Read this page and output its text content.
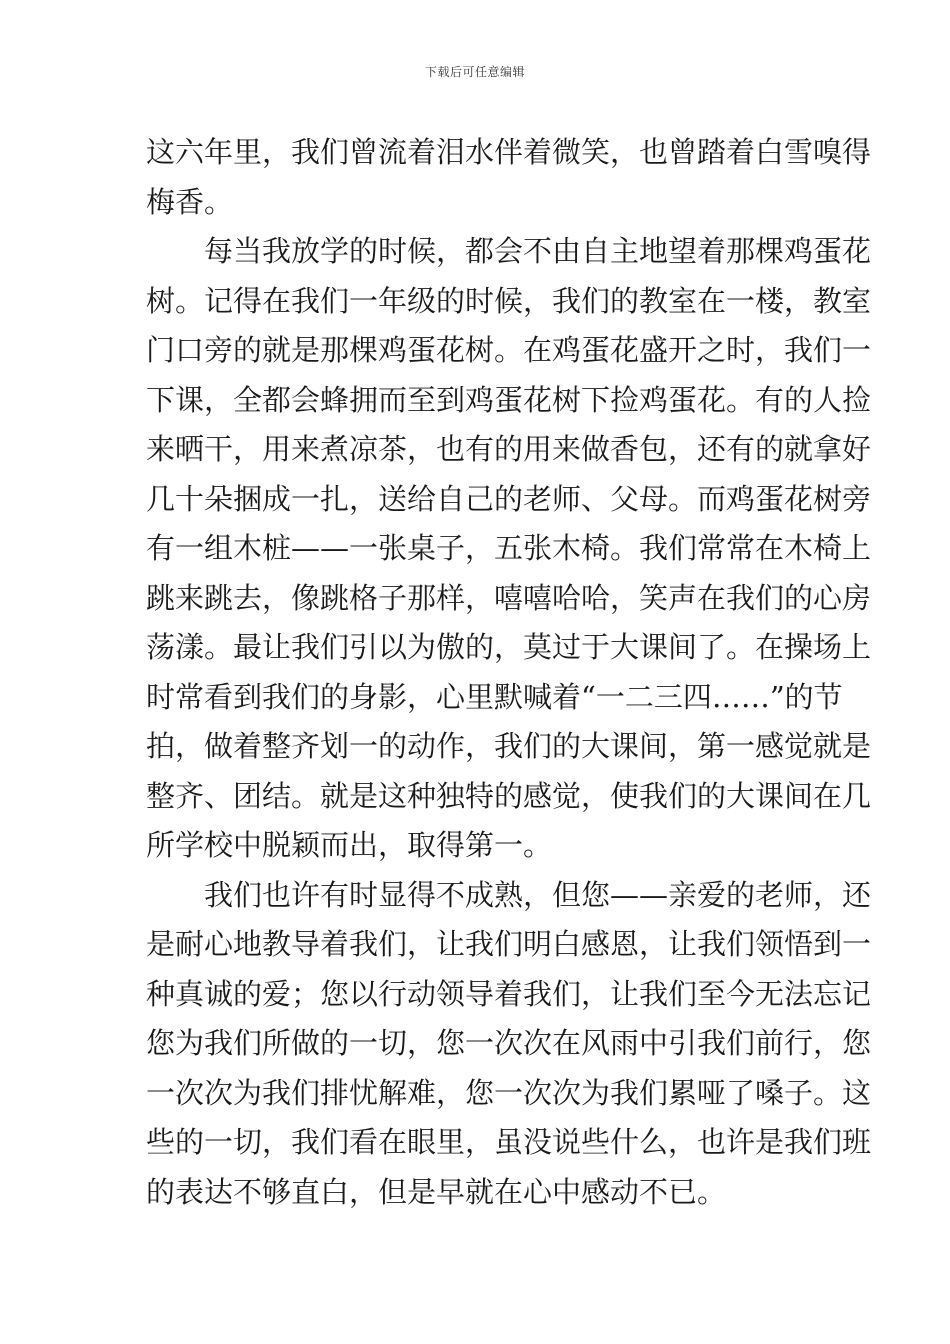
下载后可任意编辑
这六年里，我们曾流着泪水伴着微笑，也曾踏着白雪嗅得
梅香。
每当我放学的时候，都会不由自主地望着那棵鸡蛋花
树。记得在我们一年级的时候，我们的教室在一楼，教室
门口旁的就是那棵鸡蛋花树。在鸡蛋花盛开之时，我们一
下课，全都会蜂拥而至到鸡蛋花树下捡鸡蛋花。有的人捡
来晒干，用来煮凉茶，也有的用来做香包，还有的就拿好
几十朵捆成一扎，送给自己的老师、父母。而鸡蛋花树旁
有一组木桩——一张桌子，五张木椅。我们常常在木椅上
跳来跳去，像跳格子那样，嘻嘻哈哈，笑声在我们的心房
荡漾。最让我们引以为傲的，莫过于大课间了。在操场上
时常看到我们的身影，心里默喊着“一二三四……”的节
拍，做着整齐划一的动作，我们的大课间，第一感觉就是
整齐、团结。就是这种独特的感觉，使我们的大课间在几
所学校中脱颖而出，取得第一。
我们也许有时显得不成熟，但您——亲爱的老师，还
是耐心地教导着我们，让我们明白感恩，让我们领悟到一
种真诚的爱；您以行动领导着我们，让我们至今无法忘记
您为我们所做的一切，您一次次在风雨中引我们前行，您
一次次为我们排忧解难，您一次次为我们累哑了嗓子。这
些的一切，我们看在眼里，虽没说些什么，也许是我们班
的表达不够直白，但是早就在心中感动不已。
